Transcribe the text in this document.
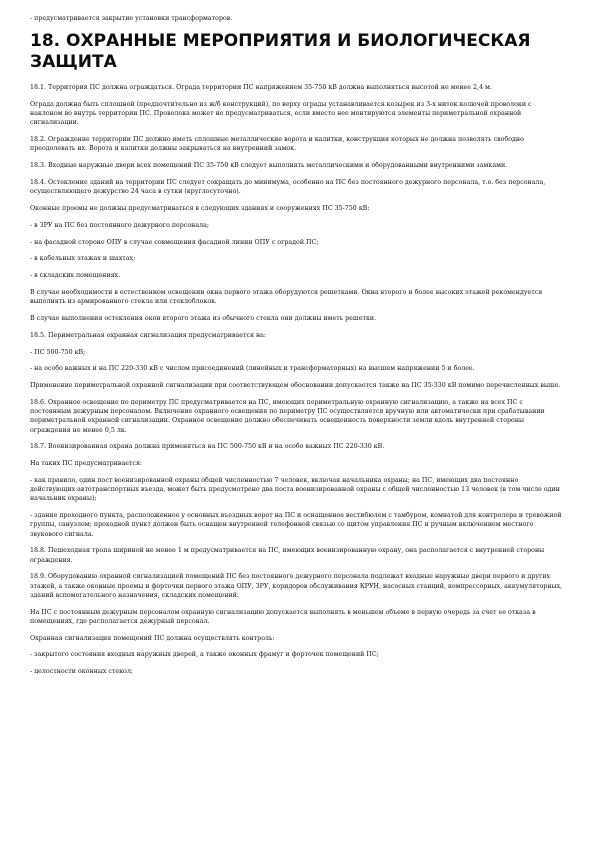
- предусматривается закрытие установки трансформаторов.

18. ОХРАННЫЕ МЕРОПРИЯТИЯ И БИОЛОГИЧЕСКАЯ ЗАЩИТА

18.1. Территория ПС должна ограждаться. Ограда территории ПС напряжением 35-750 кВ должна выполняться высотой не менее 2,4 м.

Ограда должна быть сплошной (предпочтительно из ж/б конструкций), по верху ограды устанавливается козырек из 3-х ниток колючей проволоки с наклоном во внутрь территории ПС. Проволока может не предусматриваться, если вместо нее монтируются элементы периметральной охранной сигнализации.

18.2. Ограждение территории ПС должно иметь сплошные металлические ворота и калитки, конструкция которых не должна позволять свободно преодолевать их. Ворота и калитки должны закрываться на внутренний замок.

18.3. Входные наружные двери всех помещений ПС 35-750 кВ следует выполнять металлическими и оборудованными внутренними замками.

18.4. Остекление зданий на территории ПС следует сокращать до минимума, особенно на ПС без постоянного дежурного персонала, т.е. без персонала, осуществляющего дежурство 24 часа в сутки (круглосуточно).

Оконные проемы не должны предусматриваться в следующих зданиях и сооружениях ПС 35-750 кВ:

- в ЗРУ на ПС без постоянного дежурного персонала;

- на фасадной стороне ОПУ в случае совмещения фасадной линии ОПУ с оградой ПС;

- в кабельных этажах и шахтах;

- в складских помещениях.

В случае необходимости в естественном освещении окна первого этажа оборудуются решетками. Окна второго и более высоких этажей рекомендуется выполнять из армированного стекла или стеклоблоков.

В случае выполнения остекления окон второго этажа из обычного стекла они должны иметь решетки.

18.5. Периметральная охранная сигнализация предусматривается на:

- ПС 500-750 кВ;

- на особо важных и на ПС 220-330 кВ с числом присоединений (линейных и трансформаторных) на высшем напряжении 5 и более.

Применение периметральной охранной сигнализации при соответствующем обосновании допускается также на ПС 35-330 кВ помимо перечисленных выше.

18.6. Охранное освещение по периметру ПС предусматривается на ПС, имеющих периметральную охранную сигнализацию, а также на всех ПС с постоянным дежурным персоналом. Включение охранного освещения по периметру ПС осуществляется вручную или автоматически при срабатывании периметральной охранной сигнализации. Охранное освещение должно обеспечивать освещенность поверхности земли вдоль внутренней стороны ограждения не менее 0,5 лк.

18.7. Военизированная охрана должна применяться на ПС 500-750 кВ и на особо важных ПС 220-330 кВ.

На таких ПС предусматривается:

- как правило, один пост военизированной охраны общей численностью 7 человек, включая начальника охраны; на ПС, имеющих два постоянно действующих автотранспортных въезда, может быть предусмотрено два поста военизированной охраны с общей численностью 13 человек (в том числе один начальник охраны);

- здание проходного пункта, расположенное у основных въездных ворот на ПС и оснащенное вестибюлем с тамбуром, комнатой для контролера и тревожной группы, санузлом; проходной пункт должен быть оснащен внутренней телефонной связью со щитом управления ПС и ручным включением местного звукового сигнала.

18.8. Пешеходная тропа шириной не менее 1 м предусматривается на ПС, имеющих военизированную охрану, она располагается с внутренней стороны ограждения.

18.9. Оборудованию охранной сигнализацией помещений ПС без постоянного дежурного персонала подлежат входные наружные двери первого и других этажей, а также оконные проемы и форточки первого этажа ОПУ, ЗРУ, коридоров обслуживания КРУН, насосных станций, компрессорных, аккумуляторных, зданий вспомогательного назначения, складских помещений.

На ПС с постоянным дежурным персоналом охранную сигнализацию допускается выполнять в меньшем объеме в первую очередь за счет ее отказа в помещениях, где располагается дежурный персонал.

Охранная сигнализация помещений ПС должна осуществлять контроль:

- закрытого состояния входных наружных дверей, а также оконных фрамуг и форточек помещений ПС;

- целостности оконных стекол;
